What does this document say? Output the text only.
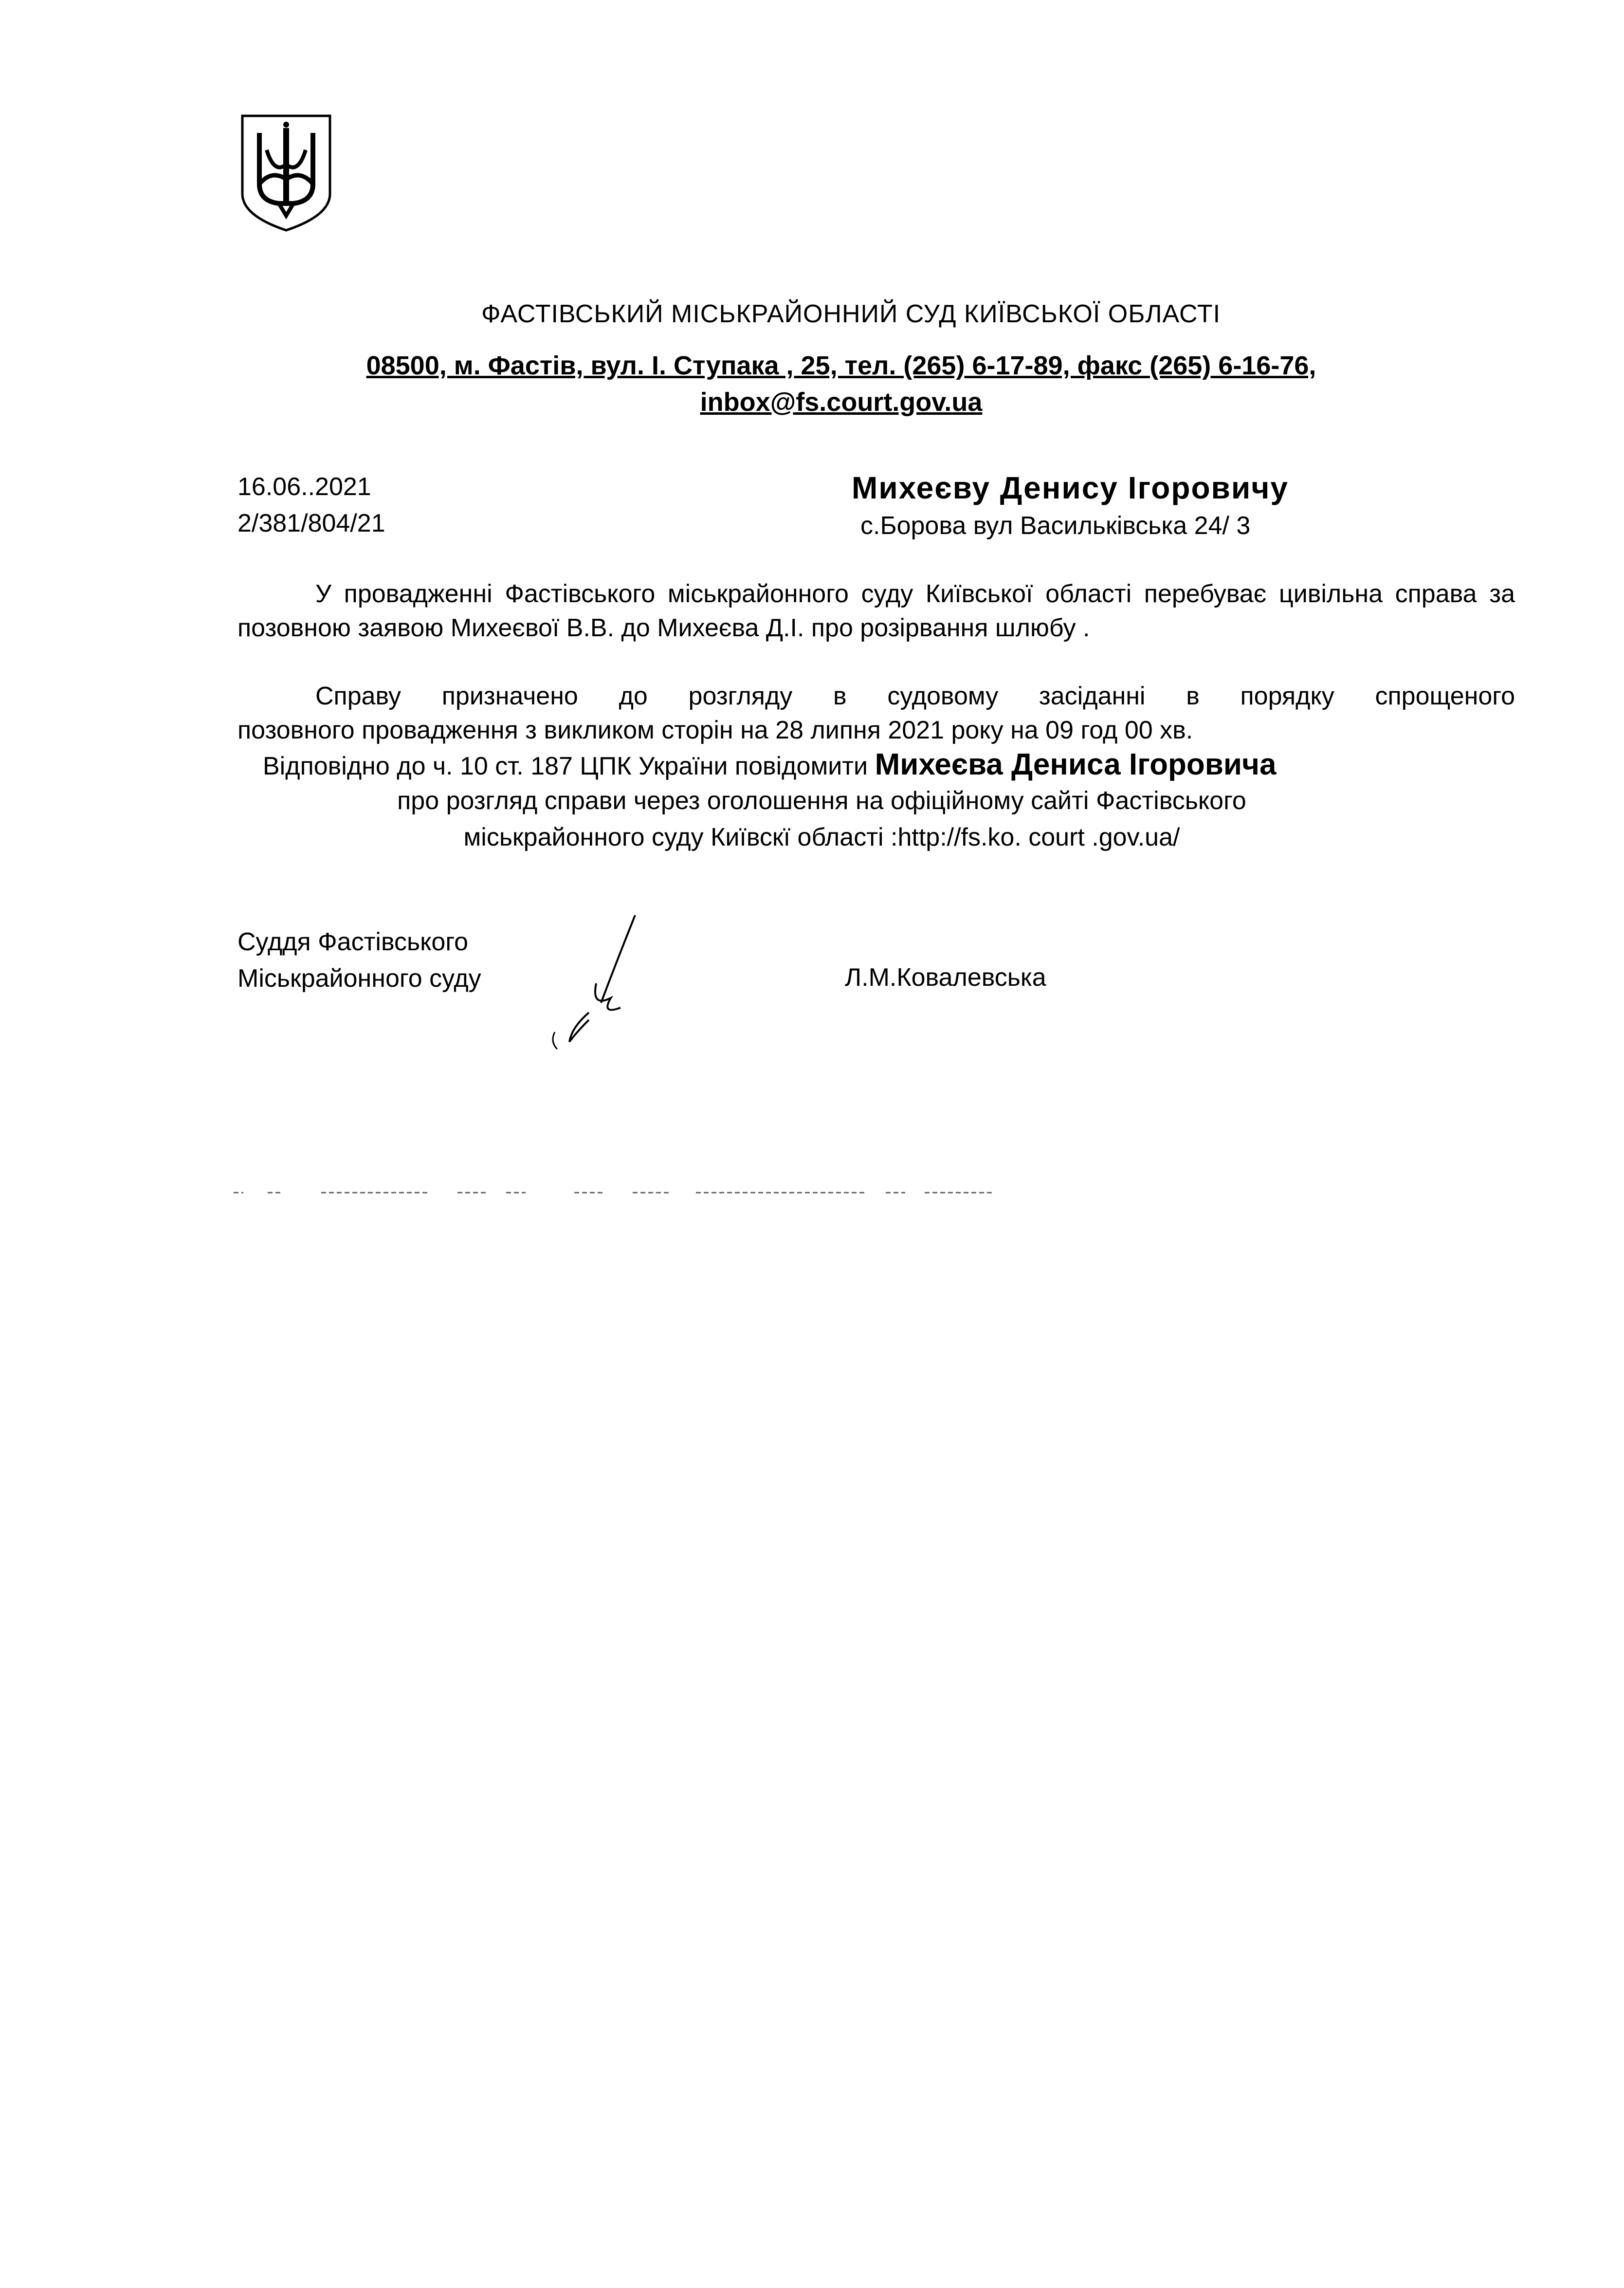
ФАСТІВСЬКИЙ МІСЬКРАЙОННИЙ СУД КИЇВСЬКОЇ ОБЛАСТІ
08500, м. Фастів, вул. І. Ступака , 25, тел. (265) 6-17-89, факс (265) 6-16-76,
inbox@fs.court.gov.ua
16.06..2021
2/381/804/21
Михеєву Денису Ігоровичу
с.Борова вул Васильківська 24/ 3
У провадженні Фастівського міськрайонного суду Київської області перебуває цивільна справа за позовною заявою Михеєвої В.В. до Михеєва Д.І. про розірвання шлюбу .
Справу призначено до розгляду в судовому засіданні в порядку спрощеного
позовного провадження з викликом сторін на 28 липня 2021 року на 09 год 00 хв.
Відповідно до ч. 10 ст. 187 ЦПК України повідомити Михеєва Дениса Ігоровича
про розгляд справи через оголошення на офіційному сайті Фастівського
міськрайонного суду Київскї області :http://fs.ko. court .gov.ua/
Суддя Фастівського
Міськрайонного суду	Л.М.Ковалевська
